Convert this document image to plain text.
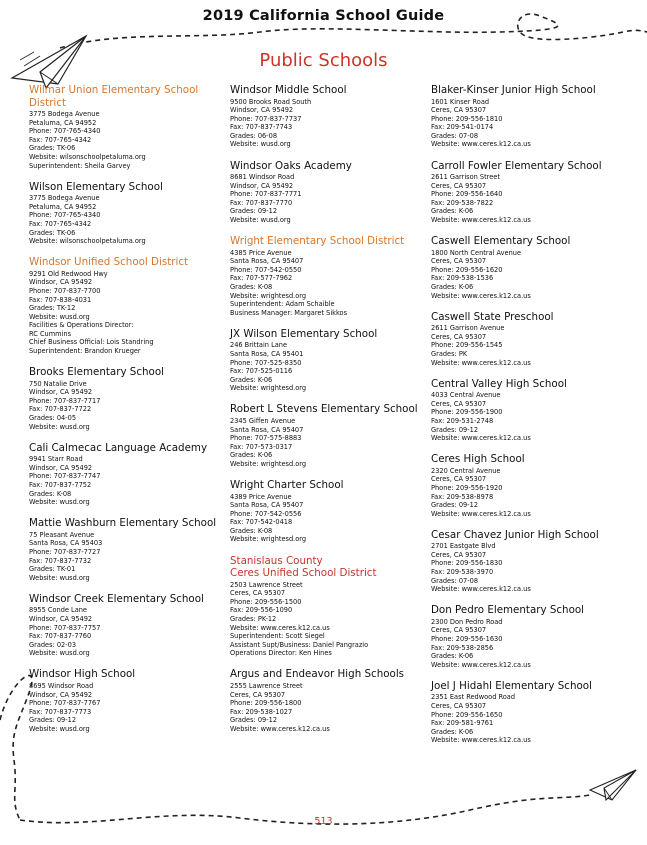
2019 California School Guide
Public Schools
Wilmar Union Elementary School District
3775 Bodega Avenue
Petaluma, CA 94952
Phone: 707-765-4340
Fax: 707-765-4342
Grades: TK-06
Website: wilsonschoolpetaluma.org
Superintendent: Sheila Garvey
Wilson Elementary School
3775 Bodega Avenue
Petaluma, CA 94952
Phone: 707-765-4340
Fax: 707-765-4342
Grades: TK-06
Website: wilsonschoolpetaluma.org
Windsor Unified School District
9291 Old Redwood Hwy
Windsor, CA 95492
Phone: 707-837-7700
Fax: 707-838-4031
Grades: TK-12
Website: wusd.org
Facilities & Operations Director:
RC Cummins
Chief Business Official: Lois Standring
Superintendent: Brandon Krueger
Brooks Elementary School
750 Natalie Drive
Windsor, CA 95492
Phone: 707-837-7717
Fax: 707-837-7722
Grades: 04-05
Website: wusd.org
Cali Calmecac Language Academy
9941 Starr Road
Windsor, CA 95492
Phone: 707-837-7747
Fax: 707-837-7752
Grades: K-08
Website: wusd.org
Mattie Washburn Elementary School
75 Pleasant Avenue
Santa Rosa, CA 95403
Phone: 707-837-7727
Fax: 707-837-7732
Grades: TK-01
Website: wusd.org
Windsor Creek Elementary School
8955 Conde Lane
Windsor, CA 95492
Phone: 707-837-7757
Fax: 707-837-7760
Grades: 02-03
Website: wusd.org
Windsor High School
8695 Windsor Road
Windsor, CA 95492
Phone: 707-837-7767
Fax: 707-837-7773
Grades: 09-12
Website: wusd.org
Windsor Middle School
9500 Brooks Road South
Windsor, CA 95492
Phone: 707-837-7737
Fax: 707-837-7743
Grades: 06-08
Website: wusd.org
Windsor Oaks Academy
8681 Windsor Road
Windsor, CA 95492
Phone: 707-837-7771
Fax: 707-837-7770
Grades: 09-12
Website: wusd.org
Wright Elementary School District
4385 Price Avenue
Santa Rosa, CA 95407
Phone: 707-542-0550
Fax: 707-577-7962
Grades: K-08
Website: wrightesd.org
Superintendent: Adam Schaible
Business Manager: Margaret Sikkos
JX Wilson Elementary School
246 Brittain Lane
Santa Rosa, CA 95401
Phone: 707-525-8350
Fax: 707-525-0116
Grades: K-06
Website: wrightesd.org
Robert L Stevens Elementary School
2345 Giffen Avenue
Santa Rosa, CA 95407
Phone: 707-575-8883
Fax: 707-573-0317
Grades: K-06
Website: wrightesd.org
Wright Charter School
4389 Price Avenue
Santa Rosa, CA 95407
Phone: 707-542-0556
Fax: 707-542-0418
Grades: K-08
Website: wrightesd.org
Stanislaus County
Ceres Unified School District
2503 Lawrence Street
Ceres, CA 95307
Phone: 209-556-1500
Fax: 209-556-1090
Grades: PK-12
Website: www.ceres.k12.ca.us
Superintendent: Scott Siegel
Assistant Supt/Business: Daniel Pangrazio
Operations Director: Ken Hines
Argus and Endeavor High Schools
2555 Lawrence Street
Ceres, CA 95307
Phone: 209-556-1800
Fax: 209-538-1027
Grades: 09-12
Website: www.ceres.k12.ca.us
Blaker-Kinser Junior High School
1601 Kinser Road
Ceres, CA 95307
Phone: 209-556-1810
Fax: 209-541-0174
Grades: 07-08
Website: www.ceres.k12.ca.us
Carroll Fowler Elementary School
2611 Garrison Street
Ceres, CA 95307
Phone: 209-556-1640
Fax: 209-538-7822
Grades: K-06
Website: www.ceres.k12.ca.us
Caswell Elementary School
1800 North Central Avenue
Ceres, CA 95307
Phone: 209-556-1620
Fax: 209-538-1536
Grades: K-06
Website: www.ceres.k12.ca.us
Caswell State Preschool
2611 Garrison Avenue
Ceres, CA 95307
Phone: 209-556-1545
Grades: PK
Website: www.ceres.k12.ca.us
Central Valley High School
4033 Central Avenue
Ceres, CA 95307
Phone: 209-556-1900
Fax: 209-531-2748
Grades: 09-12
Website: www.ceres.k12.ca.us
Ceres High School
2320 Central Avenue
Ceres, CA 95307
Phone: 209-556-1920
Fax: 209-538-8978
Grades: 09-12
Website: www.ceres.k12.ca.us
Cesar Chavez Junior High School
2701 Eastgate Blvd
Ceres, CA 95307
Phone: 209-556-1830
Fax: 209-538-3970
Grades: 07-08
Website: www.ceres.k12.ca.us
Don Pedro Elementary School
2300 Don Pedro Road
Ceres, CA 95307
Phone: 209-556-1630
Fax: 209-538-2856
Grades: K-06
Website: www.ceres.k12.ca.us
Joel J Hidahl Elementary School
2351 East Redwood Road
Ceres, CA 95307
Phone: 209-556-1650
Fax: 209-581-9761
Grades: K-06
Website: www.ceres.k12.ca.us
513
